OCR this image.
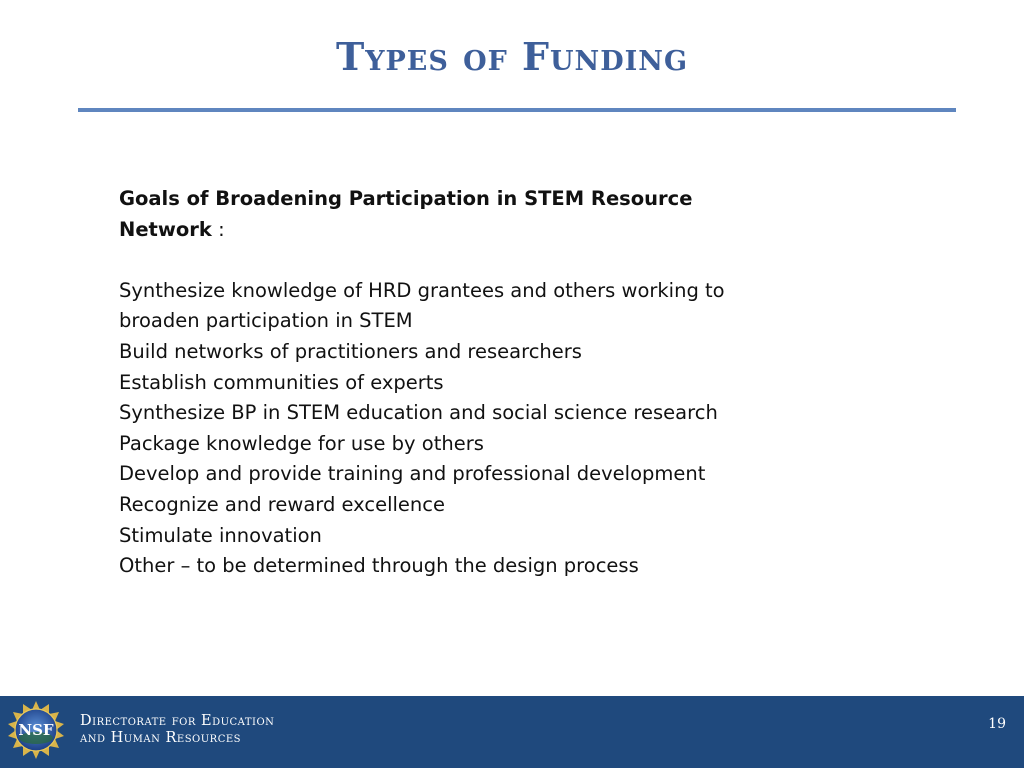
Types of Funding
Goals of Broadening Participation in STEM Resource
Network :
Synthesize knowledge of HRD grantees and others working to
broaden participation in STEM
Build networks of practitioners and researchers
Establish communities of experts
Synthesize BP in STEM education and social science research
Package knowledge for use by others
Develop and provide training and professional development
Recognize and reward excellence
Stimulate innovation
Other – to be determined through the design process
NSF Directorate for Education
and Human Resources
19
